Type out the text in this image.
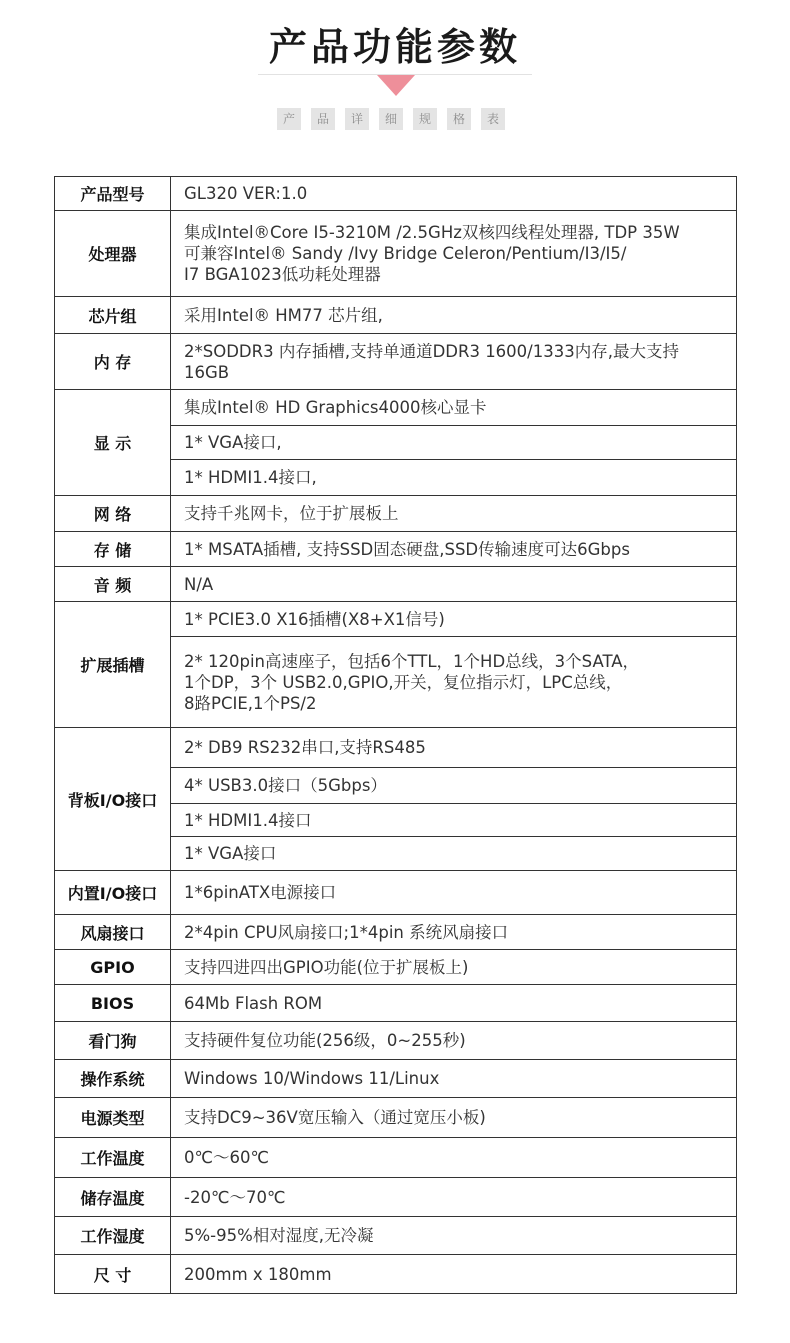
产品功能参数
产	品	详	细	规	格	表
产品型号	GL320 VER:1.0
处理器	集成Intel®Core I5-3210M /2.5GHz双核四线程处理器, TDP 35W
可兼容Intel® Sandy /Ivy Bridge Celeron/Pentium/I3/I5/
I7 BGA1023低功耗处理器

芯片组	采用Intel® HM77 芯片组,
内 存	2*SODDR3 内存插槽,支持单通道DDR3 1600/1333内存,最大支持
16GB

显 示	集成Intel® HD Graphics4000核心显卡
	1* VGA接口,
	1* HDMI1.4接口,
网 络	支持千兆网卡，位于扩展板上
存 储	1* MSATA插槽, 支持SSD固态硬盘,SSD传输速度可达6Gbps
音 频	N/A
扩展插槽	1* PCIE3.0 X16插槽(X8+X1信号)

	2* 120pin高速座子，包括6个TTL，1个HD总线，3个SATA，
1个DP，3个 USB2.0,GPIO,开关，复位指示灯，LPC总线，
8路PCIE,1个PS/2

背板I/O接口	2* DB9 RS232串口,支持RS485
	4* USB3.0接口（5Gbps）
	1* HDMI1.4接口
	1* VGA接口
内置I/O接口	1*6pinATX电源接口
风扇接口	2*4pin CPU风扇接口;1*4pin 系统风扇接口
GPIO	支持四进四出GPIO功能(位于扩展板上)
BIOS	64Mb Flash ROM
看门狗	支持硬件复位功能(256级，0~255秒)
操作系统	Windows 10/Windows 11/Linux
电源类型	支持DC9~36V宽压输入（通过宽压小板)
工作温度	0℃～60℃
储存温度	-20℃～70℃
工作湿度	5%-95%相对湿度,无冷凝
尺 寸	200mm x 180mm
